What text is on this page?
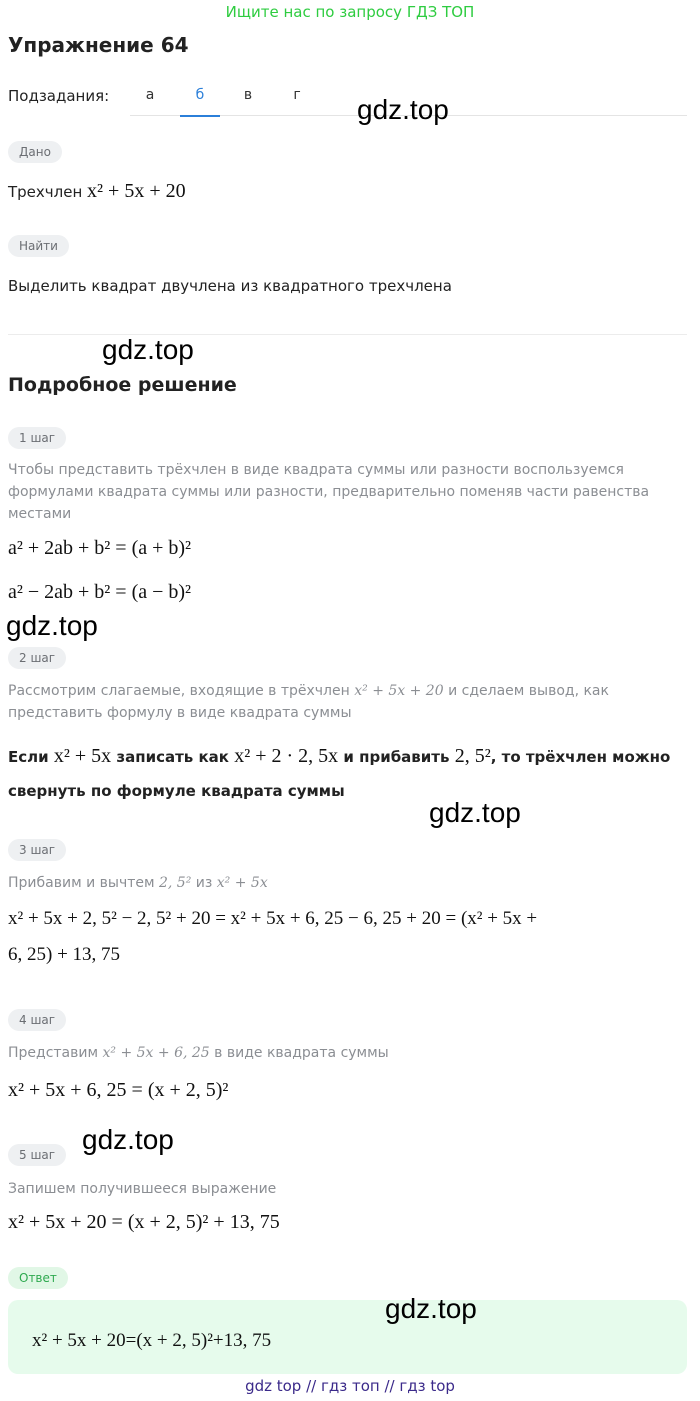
Ищите нас по запросу ГДЗ ТОП
Упражнение 64
Подзадания:	а	б	в	г	gdz.top
Дано
Трехчлен x² + 5x + 20
Найти
Выделить квадрат двучлена из квадратного трехчлена
gdz.top
Подробное решение
1 шаг
Чтобы представить трёхчлен в виде квадрата суммы или разности воспользуемся формулами квадрата суммы или разности, предварительно поменяв части равенства местами
a² + 2ab + b² = (a + b)²
a² − 2ab + b² = (a − b)²
gdz.top
2 шаг
Рассмотрим слагаемые, входящие в трёхчлен x² + 5x + 20 и сделаем вывод, как представить формулу в виде квадрата суммы
Если x² + 5x записать как x² + 2 · 2, 5x и прибавить 2, 5², то трёхчлен можно свернуть по формуле квадрата суммы
gdz.top
3 шаг
Прибавим и вычтем 2, 5² из x² + 5x
x² + 5x + 2, 5² − 2, 5² + 20 = x² + 5x + 6, 25 − 6, 25 + 20 = (x² + 5x +
6, 25) + 13, 75
4 шаг
Представим x² + 5x + 6, 25 в виде квадрата суммы
x² + 5x + 6, 25 = (x + 2, 5)²
gdz.top
5 шаг
Запишем получившееся выражение
x² + 5x + 20 = (x + 2, 5)² + 13, 75
Ответ
x² + 5x + 20=(x + 2, 5)²+13, 75
gdz.top
gdz top // гдз топ // гдз top
